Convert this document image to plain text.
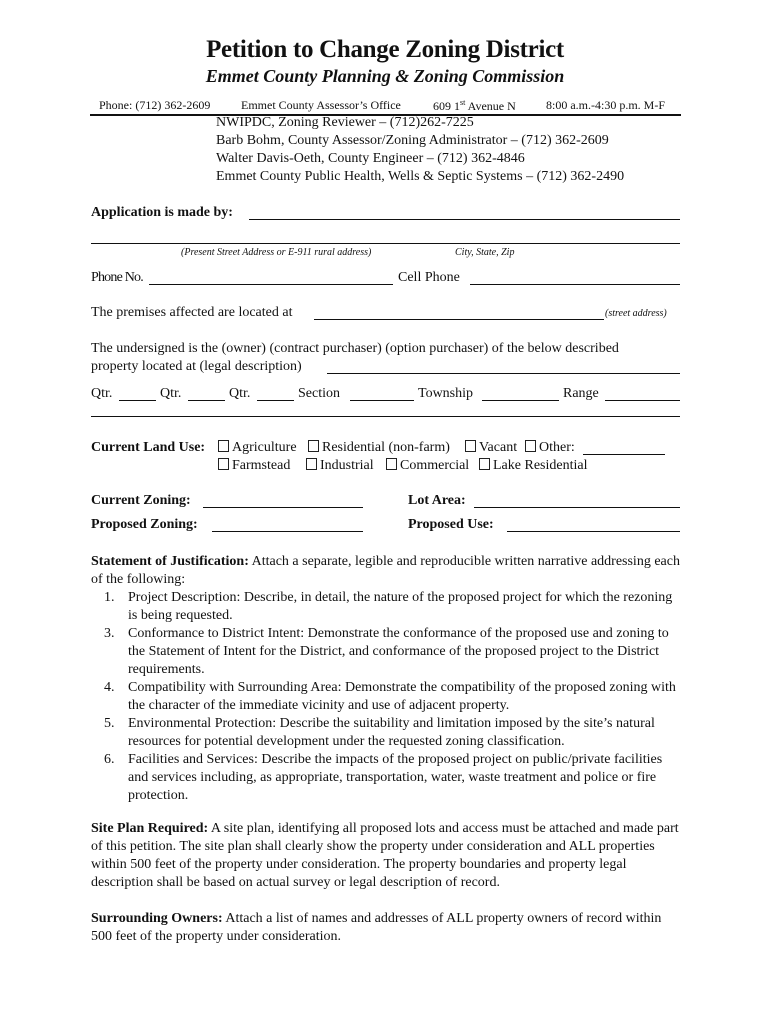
Petition to Change Zoning District
Emmet County Planning & Zoning Commission
Phone: (712) 362-2609	Emmet County Assessor’s Office	609 1st Avenue N	8:00 a.m.-4:30 p.m. M-F
NWIPDC, Zoning Reviewer – (712)262-7225
Barb Bohm, County Assessor/Zoning Administrator – (712) 362-2609
Walter Davis-Oeth, County Engineer – (712) 362-4846
Emmet County Public Health, Wells & Septic Systems – (712) 362-2490
Application is made by:
(Present Street Address or E-911 rural address)	City, State, Zip
Phone No.	Cell Phone
The premises affected are located at	(street address)
The undersigned is the (owner) (contract purchaser) (option purchaser) of the below described
property located at (legal description)
Qtr.	Qtr.	Qtr.	Section	Township	Range
Current Land Use:	Agriculture	Residential (non-farm)	Vacant	Other:
Farmstead	Industrial	Commercial	Lake Residential
Current Zoning:	Lot Area:
Proposed Zoning:	Proposed Use:
Statement of Justification: Attach a separate, legible and reproducible written narrative addressing each of the following:
1. Project Description: Describe, in detail, the nature of the proposed project for which the rezoning is being requested.
3. Conformance to District Intent: Demonstrate the conformance of the proposed use and zoning to the Statement of Intent for the District, and conformance of the proposed project to the District requirements.
4. Compatibility with Surrounding Area: Demonstrate the compatibility of the proposed zoning with the character of the immediate vicinity and use of adjacent property.
5. Environmental Protection: Describe the suitability and limitation imposed by the site’s natural resources for potential development under the requested zoning classification.
6. Facilities and Services: Describe the impacts of the proposed project on public/private facilities and services including, as appropriate, transportation, water, waste treatment and police or fire protection.
Site Plan Required: A site plan, identifying all proposed lots and access must be attached and made part of this petition. The site plan shall clearly show the property under consideration and ALL properties within 500 feet of the property under consideration. The property boundaries and property legal description shall be based on actual survey or legal description of record.
Surrounding Owners: Attach a list of names and addresses of ALL property owners of record within 500 feet of the property under consideration.
